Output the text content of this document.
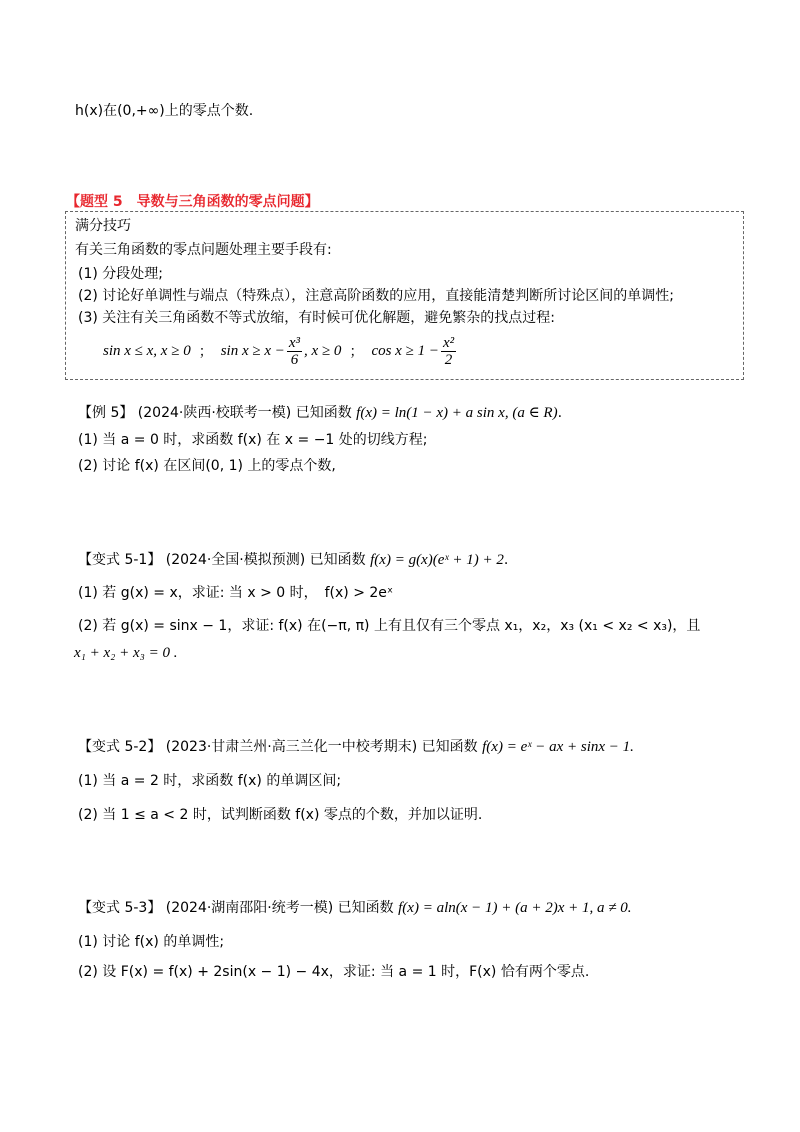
h(x)在(0,+∞)上的零点个数.
【题型 5　导数与三角函数的零点问题】
满分技巧
有关三角函数的零点问题处理主要手段有:
(1) 分段处理;
(2) 讨论好单调性与端点（特殊点），注意高阶函数的应用，直接能清楚判断所讨论区间的单调性;
(3) 关注有关三角函数不等式放缩，有时候可优化解题，避免繁杂的找点过程:
sin x ≤ x, x ≥ 0 ； $\sin x \ge x - \frac{\text{x³}}{6}$ , x ≥ 0 ； $\cos x \ge 1 - \frac{\text{x²}}{2}$
【例 5】 (2024·陕西·校联考一模) 已知函数 f(x) = ln(1 − x) + a sin x, (a ∈ R).
(1) 当 a = 0 时，求函数 f(x) 在 x = −1 处的切线方程;
(2) 讨论 f(x) 在区间(0, 1) 上的零点个数,
【变式 5-1】 (2024·全国·模拟预测) 已知函数 f(x) = g(x)(eˣ + 1) + 2.
(1) 若 g(x) = x，求证: 当 x > 0 时，　f(x) > 2eˣ
(2) 若 g(x) = sinx − 1，求证: f(x) 在(−π, π) 上有且仅有三个零点 x₁，x₂，x₃ (x₁ < x₂ < x₃)，且
x₁ + x₂ + x₃ = 0 .
【变式 5-2】 (2023·甘肃兰州·高三兰化一中校考期末) 已知函数 f(x) = eˣ − ax + sinx − 1.
(1) 当 a = 2 时，求函数 f(x) 的单调区间;
(2) 当 1 ≤ a < 2 时，试判断函数 f(x) 零点的个数，并加以证明.
【变式 5-3】 (2024·湖南邵阳·统考一模) 已知函数 f(x) = aln(x − 1) + (a + 2)x + 1, a ≠ 0.
(1) 讨论 f(x) 的单调性;
(2) 设 F(x) = f(x) + 2sin(x − 1) − 4x，求证: 当 a = 1 时，F(x) 恰有两个零点.
